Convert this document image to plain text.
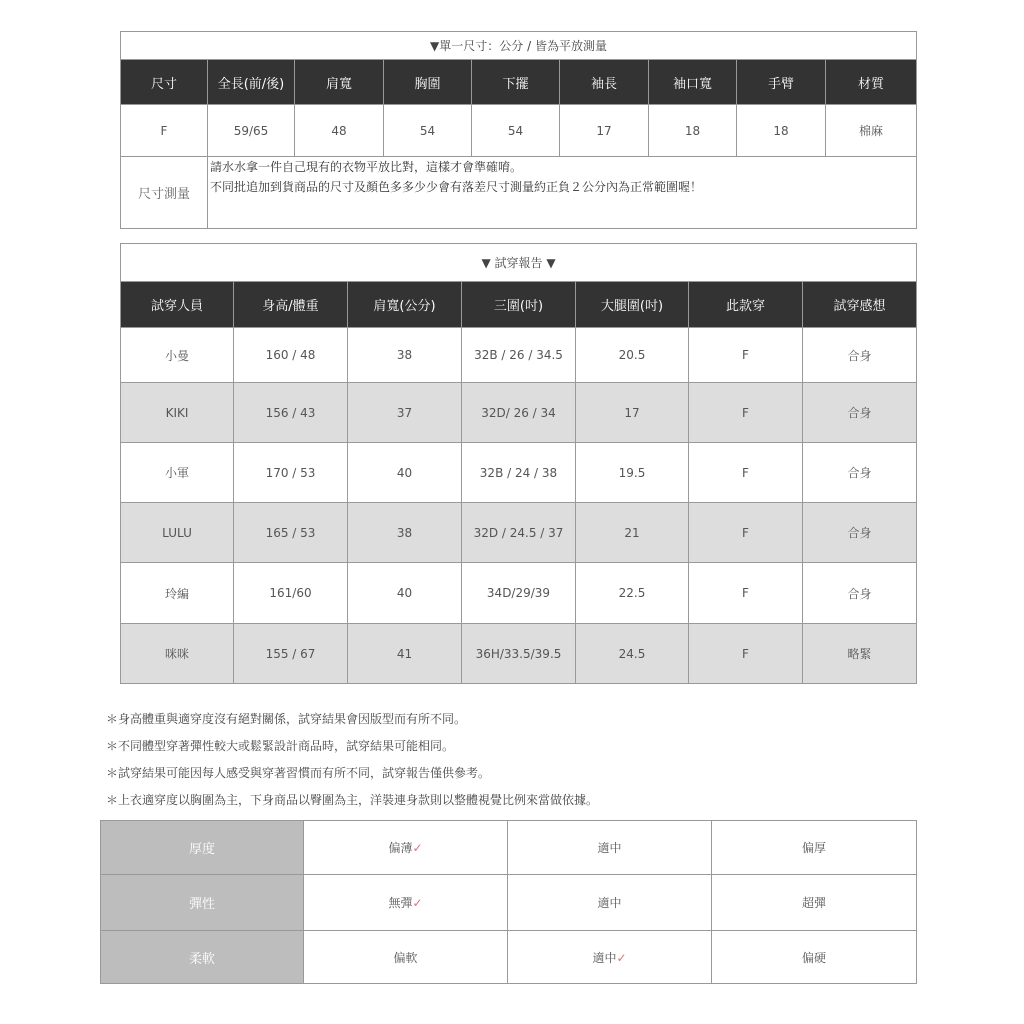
▼單一尺寸：公分 / 皆為平放測量								
尺寸	全長(前/後)	肩寬	胸圍	下擺	袖長	袖口寬	手臂	材質
F	59/65	48	54	54	17	18	18	棉麻
尺寸測量	請水水拿一件自己現有的衣物平放比對，這樣才會準確唷。
不同批追加到貨商品的尺寸及顏色多多少少會有落差尺寸測量約正負２公分內為正常範圍喔！							
▼ 試穿報告 ▼						
試穿人員	身高/體重	肩寬(公分)	三圍(吋)	大腿圍(吋)	此款穿	試穿感想
小曼	160 / 48	38	32B / 26 / 34.5	20.5	F	合身
KIKI	156 / 43	37	32D/ 26 / 34	17	F	合身
小軍	170 / 53	40	32B / 24 / 38	19.5	F	合身
LULU	165 / 53	38	32D / 24.5 / 37	21	F	合身
玲編	161/60	40	34D/29/39	22.5	F	合身
咪咪	155 / 67	41	36H/33.5/39.5	24.5	F	略緊
＊身高體重與適穿度沒有絕對關係，試穿結果會因版型而有所不同。
＊不同體型穿著彈性較大或鬆緊設計商品時，試穿結果可能相同。
＊試穿結果可能因每人感受與穿著習慣而有所不同，試穿報告僅供參考。
＊上衣適穿度以胸圍為主，下身商品以臀圍為主，洋裝連身款則以整體視覺比例來當做依據。
厚度	偏薄✓	適中	偏厚
彈性	無彈✓	適中	超彈
柔軟	偏軟	適中✓	偏硬
